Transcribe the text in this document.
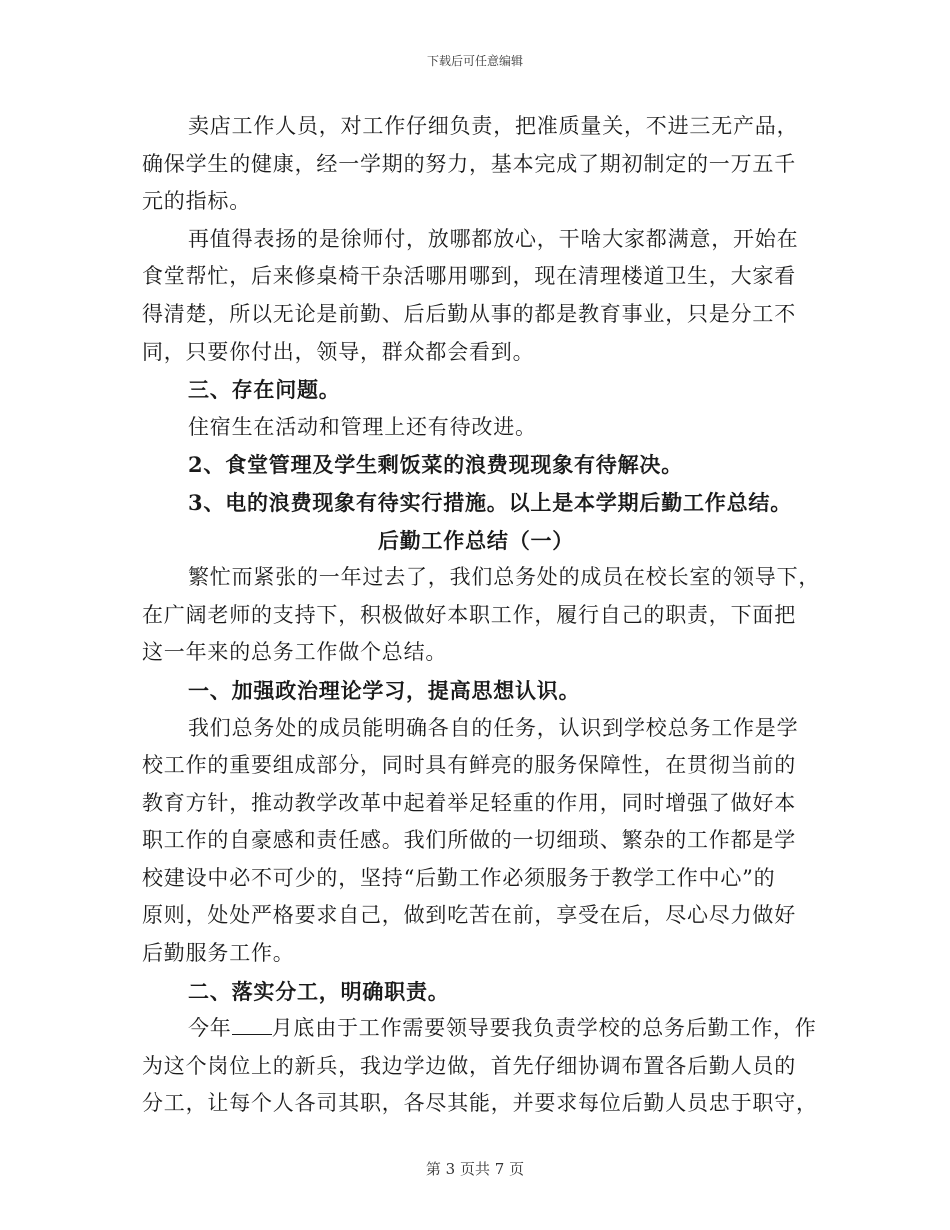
下载后可任意编辑
卖店工作人员，对工作仔细负责，把准质量关，不进三无产品，
确保学生的健康，经一学期的努力，基本完成了期初制定的一万五千
元的指标。
再值得表扬的是徐师付，放哪都放心，干啥大家都满意，开始在
食堂帮忙，后来修桌椅干杂活哪用哪到，现在清理楼道卫生，大家看
得清楚，所以无论是前勤、后后勤从事的都是教育事业，只是分工不
同，只要你付出，领导，群众都会看到。
三、存在问题。
住宿生在活动和管理上还有待改进。
2、食堂管理及学生剩饭菜的浪费现现象有待解决。
3、电的浪费现象有待实行措施。以上是本学期后勤工作总结。
后勤工作总结（一）
繁忙而紧张的一年过去了，我们总务处的成员在校长室的领导下，
在广阔老师的支持下，积极做好本职工作，履行自己的职责，下面把
这一年来的总务工作做个总结。
一、加强政治理论学习，提高思想认识。
我们总务处的成员能明确各自的任务，认识到学校总务工作是学
校工作的重要组成部分，同时具有鲜亮的服务保障性，在贯彻当前的
教育方针，推动教学改革中起着举足轻重的作用，同时增强了做好本
职工作的自豪感和责任感。我们所做的一切细琐、繁杂的工作都是学
校建设中必不可少的，坚持“后勤工作必须服务于教学工作中心”的
原则，处处严格要求自己，做到吃苦在前，享受在后，尽心尽力做好
后勤服务工作。
二、落实分工，明确职责。
今年 月底由于工作需要领导要我负责学校的总务后勤工作，作
为这个岗位上的新兵，我边学边做，首先仔细协调布置各后勤人员的
分工，让每个人各司其职，各尽其能，并要求每位后勤人员忠于职守，
第 3 页共 7 页
